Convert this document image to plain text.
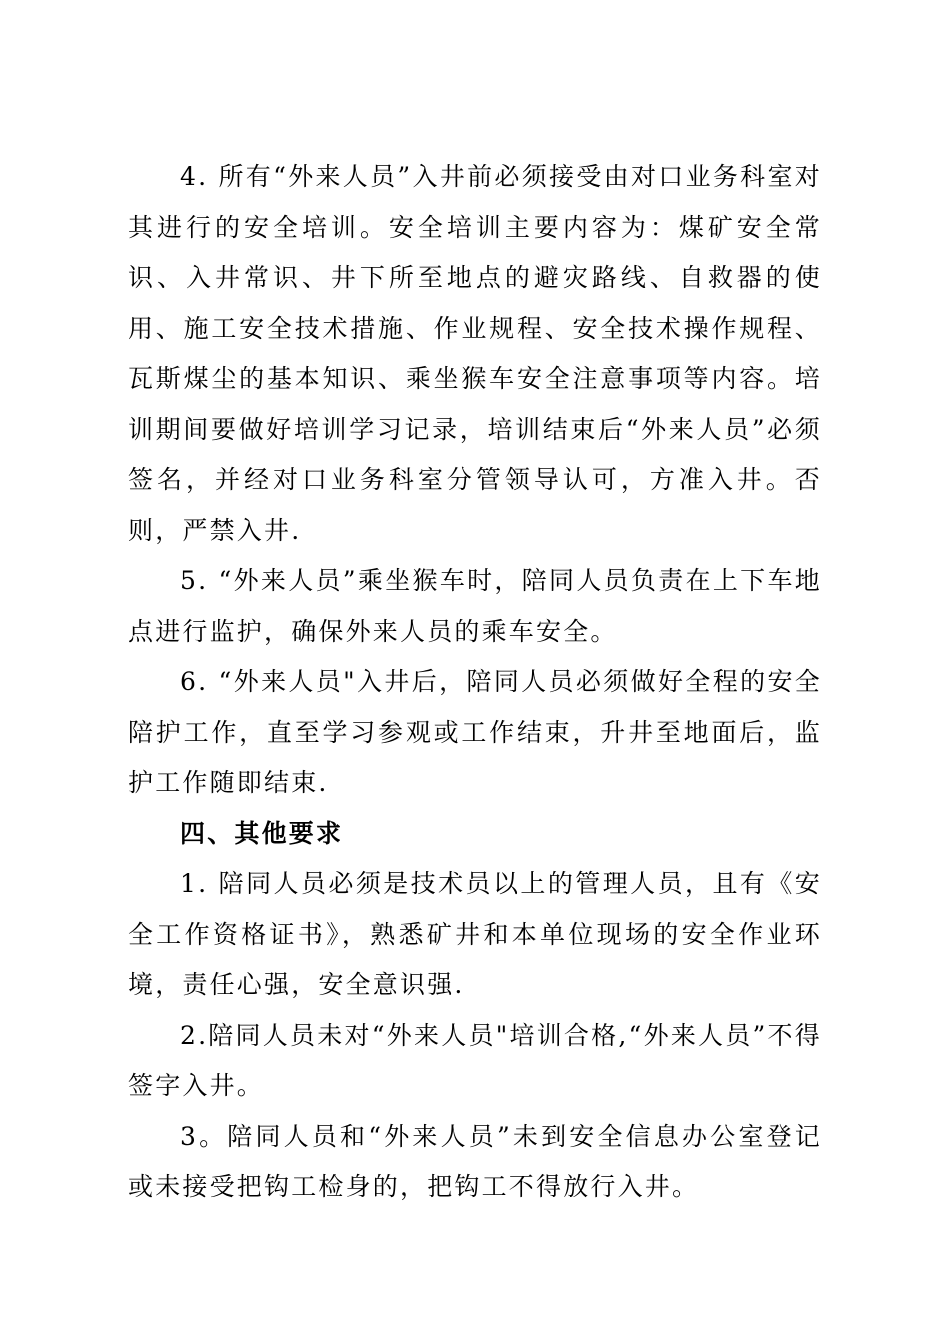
4. 所有“外来人员”入井前必须接受由对口业务科室对其进行的安全培训。安全培训主要内容为：煤矿安全常识、入井常识、井下所至地点的避灾路线、自救器的使用、施工安全技术措施、作业规程、安全技术操作规程、瓦斯煤尘的基本知识、乘坐猴车安全注意事项等内容。培训期间要做好培训学习记录，培训结束后“外来人员”必须签名，并经对口业务科室分管领导认可，方准入井。否则，严禁入井.

5. “外来人员”乘坐猴车时，陪同人员负责在上下车地点进行监护，确保外来人员的乘车安全。

6. “外来人员"入井后，陪同人员必须做好全程的安全陪护工作，直至学习参观或工作结束，升井至地面后，监护工作随即结束.

四、其他要求

1. 陪同人员必须是技术员以上的管理人员，且有《安全工作资格证书》，熟悉矿井和本单位现场的安全作业环境，责任心强，安全意识强.

2.陪同人员未对“外来人员"培训合格,“外来人员”不得签字入井。

3。陪同人员和“外来人员”未到安全信息办公室登记或未接受把钩工检身的，把钩工不得放行入井。
